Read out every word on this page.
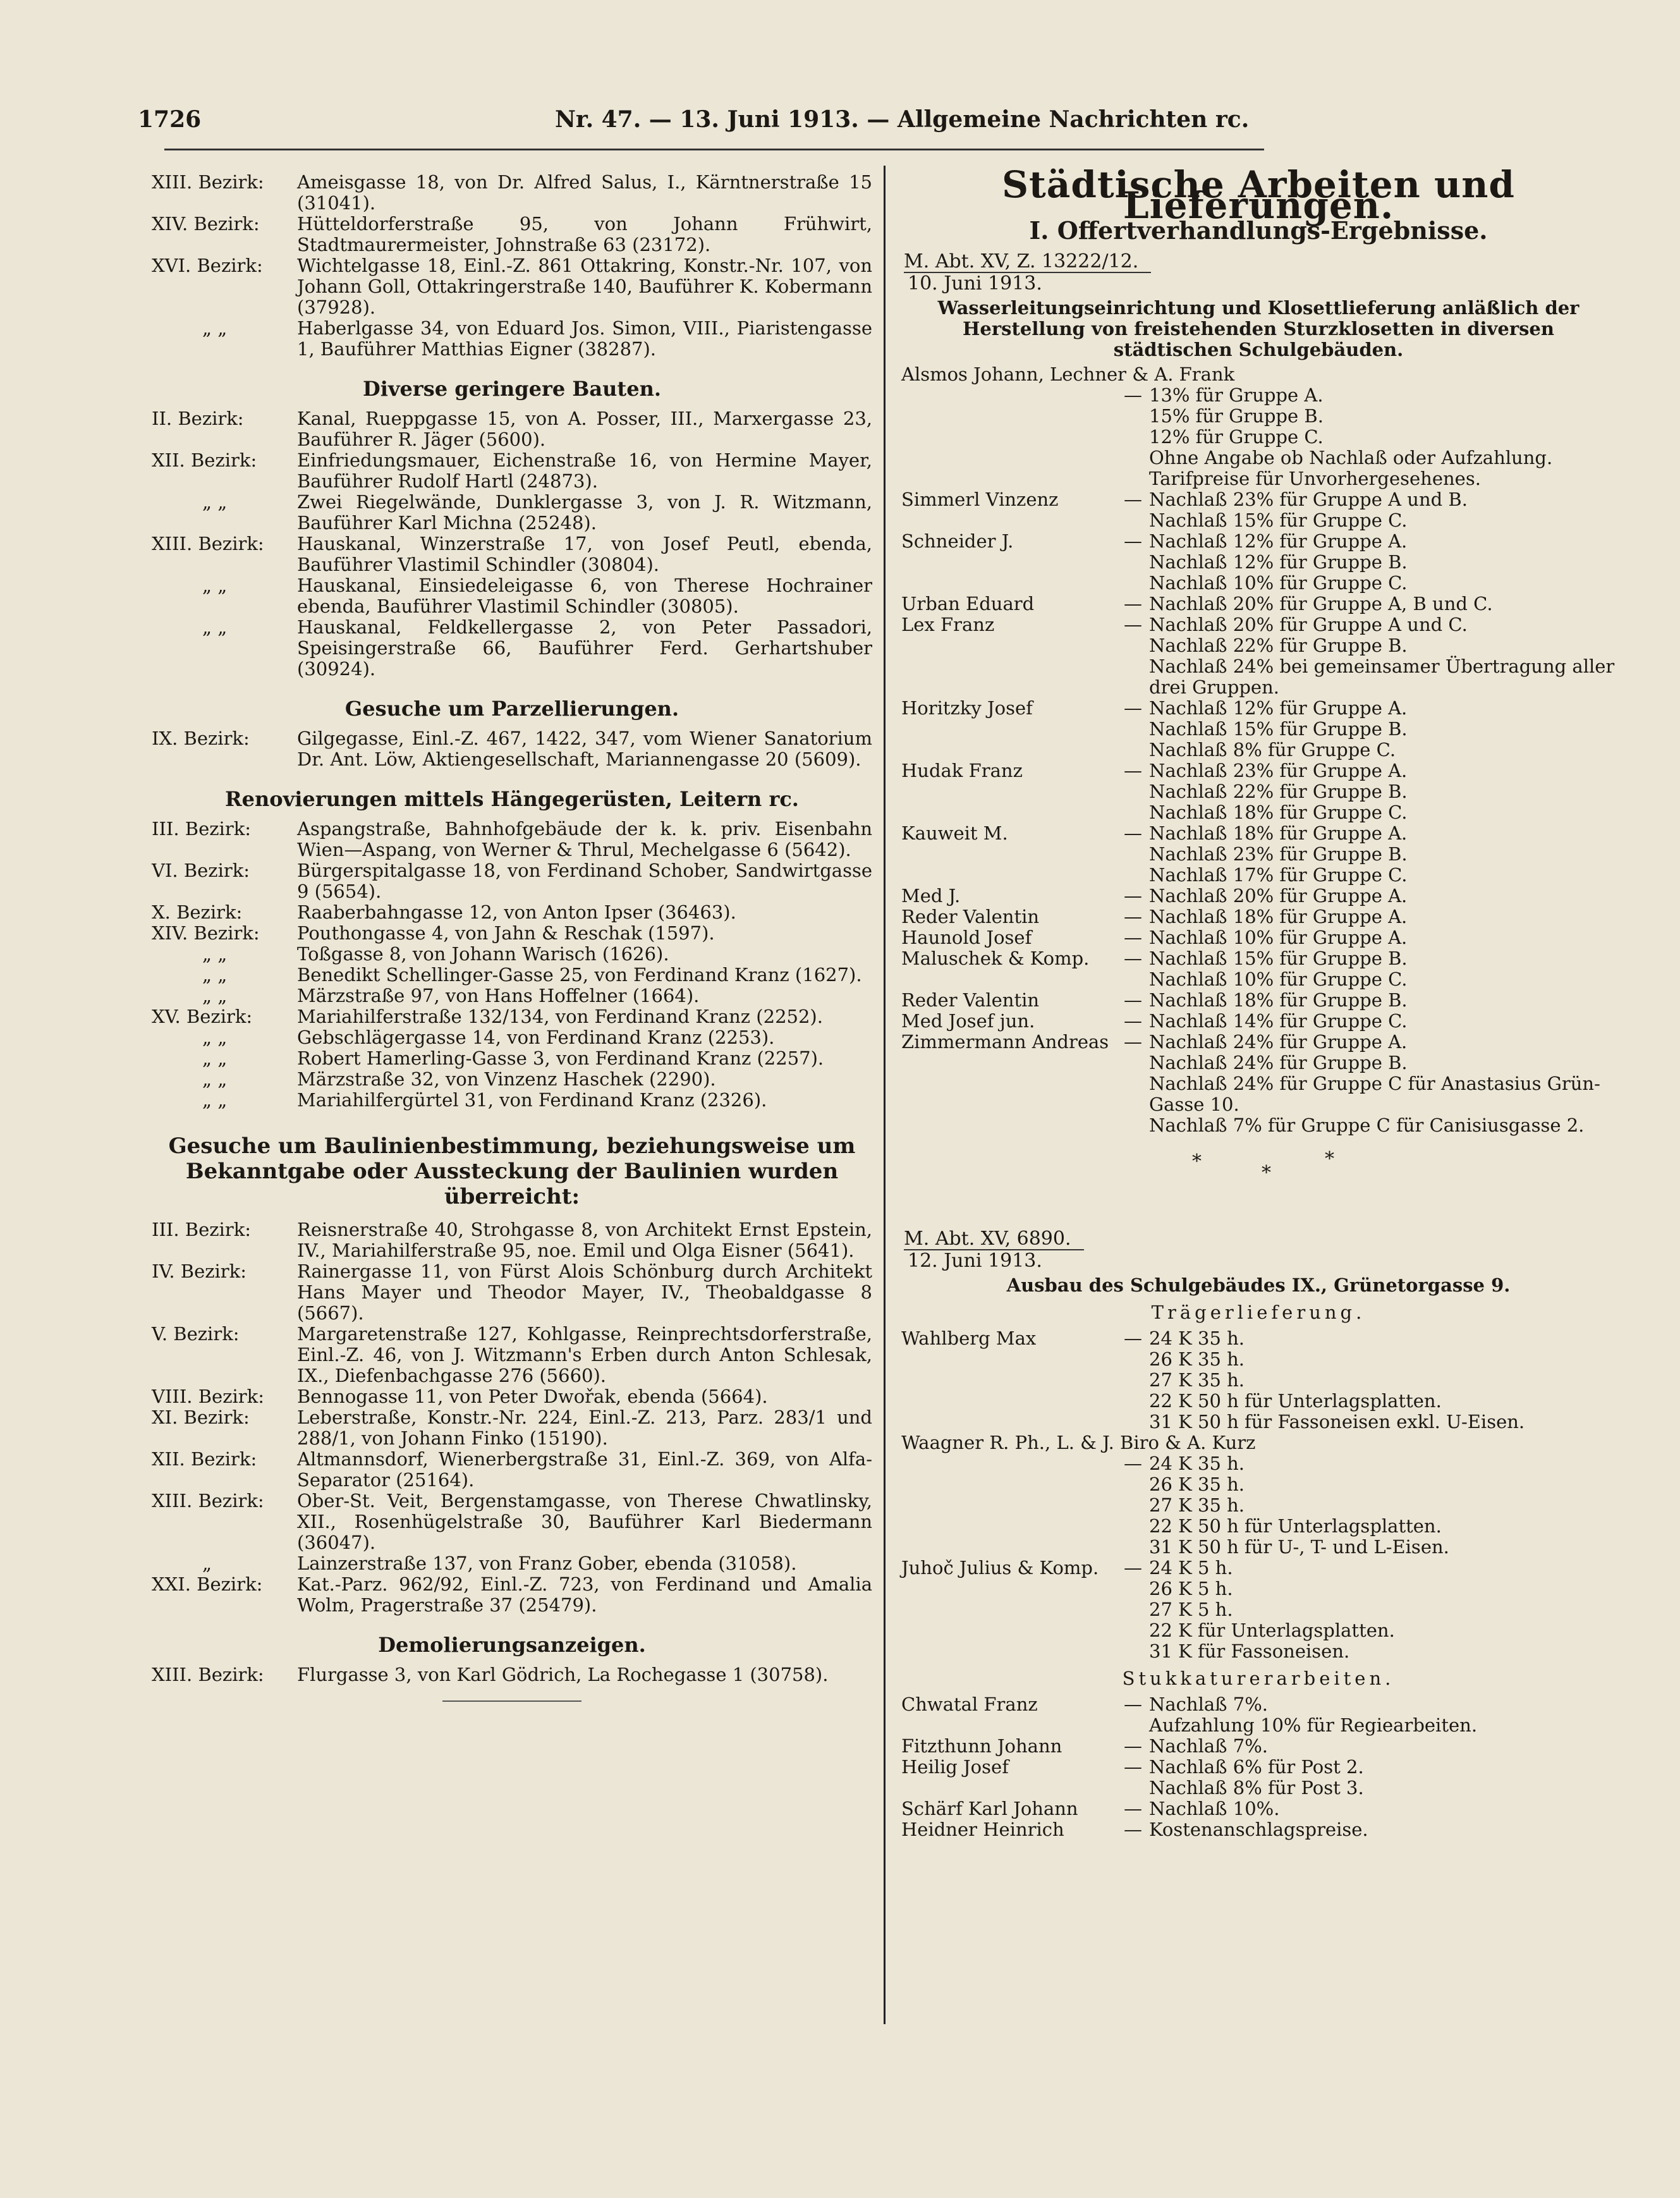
1726	Nr. 47. — 13. Juni 1913. — Allgemeine Nachrichten rc.
XIII. Bezirk:	Ameisgasse 18, von Dr. Alfred Salus, I., Kärntnerstraße 15 (31041).
XIV. Bezirk:	Hütteldorferstraße 95, von Johann Frühwirt, Stadtmaurermeister, Johnstraße 63 (23172).
XVI. Bezirk:	Wichtelgasse 18, Einl.-Z. 861 Ottakring, Konstr.-Nr. 107, von Johann Goll, Ottakringerstraße 140, Bauführer K. Kobermann (37928).
„ „	Haberlgasse 34, von Eduard Jos. Simon, VIII., Piaristengasse 1, Bauführer Matthias Eigner (38287).
Diverse geringere Bauten.
II. Bezirk:	Kanal, Rueppgasse 15, von A. Posser, III., Marxergasse 23, Bauführer R. Jäger (5600).
XII. Bezirk:	Einfriedungsmauer, Eichenstraße 16, von Hermine Mayer, Bauführer Rudolf Hartl (24873).
„ „	Zwei Riegelwände, Dunklergasse 3, von J. R. Witzmann, Bauführer Karl Michna (25248).
XIII. Bezirk:	Hauskanal, Winzerstraße 17, von Josef Peutl, ebenda, Bauführer Vlastimil Schindler (30804).
„ „	Hauskanal, Einsiedeleigasse 6, von Therese Hochrainer ebenda, Bauführer Vlastimil Schindler (30805).
„ „	Hauskanal, Feldkellergasse 2, von Peter Passadori, Speisingerstraße 66, Bauführer Ferd. Gerhartshuber (30924).
Gesuche um Parzellierungen.
IX. Bezirk:	Gilgegasse, Einl.-Z. 467, 1422, 347, vom Wiener Sanatorium Dr. Ant. Löw, Aktiengesellschaft, Mariannengasse 20 (5609).
Renovierungen mittels Hängegerüsten, Leitern rc.
III. Bezirk:	Aspangstraße, Bahnhofgebäude der k. k. priv. Eisenbahn Wien—Aspang, von Werner & Thrul, Mechelgasse 6 (5642).
VI. Bezirk:	Bürgerspitalgasse 18, von Ferdinand Schober, Sandwirtgasse 9 (5654).
X. Bezirk:	Raaberbahngasse 12, von Anton Ipser (36463).
XIV. Bezirk:	Pouthongasse 4, von Jahn & Reschak (1597).
„ „	Toßgasse 8, von Johann Warisch (1626).
„ „	Benedikt Schellinger-Gasse 25, von Ferdinand Kranz (1627).
„ „	Märzstraße 97, von Hans Hoffelner (1664).
XV. Bezirk:	Mariahilferstraße 132/134, von Ferdinand Kranz (2252).
„ „	Gebschlägergasse 14, von Ferdinand Kranz (2253).
„ „	Robert Hamerling-Gasse 3, von Ferdinand Kranz (2257).
„ „	Märzstraße 32, von Vinzenz Haschek (2290).
„ „	Mariahilfergürtel 31, von Ferdinand Kranz (2326).
Gesuche um Baulinienbestimmung, beziehungsweise um Bekanntgabe oder Aussteckung der Baulinien wurden überreicht:
III. Bezirk:	Reisnerstraße 40, Strohgasse 8, von Architekt Ernst Epstein, IV., Mariahilferstraße 95, noe. Emil und Olga Eisner (5641).
IV. Bezirk:	Rainergasse 11, von Fürst Alois Schönburg durch Architekt Hans Mayer und Theodor Mayer, IV., Theobaldgasse 8 (5667).
V. Bezirk:	Margaretenstraße 127, Kohlgasse, Reinprechtsdorferstraße, Einl.-Z. 46, von J. Witzmann's Erben durch Anton Schlesak, IX., Diefenbachgasse 276 (5660).
VIII. Bezirk:	Bennogasse 11, von Peter Dwořak, ebenda (5664).
XI. Bezirk:	Leberstraße, Konstr.-Nr. 224, Einl.-Z. 213, Parz. 283/1 und 288/1, von Johann Finko (15190).
XII. Bezirk:	Altmannsdorf, Wienerbergstraße 31, Einl.-Z. 369, von Alfa-Separator (25164).
XIII. Bezirk:	Ober-St. Veit, Bergenstamgasse, von Therese Chwatlinsky, XII., Rosenhügelstraße 30, Bauführer Karl Biedermann (36047).
„	Lainzerstraße 137, von Franz Gober, ebenda (31058).
XXI. Bezirk:	Kat.-Parz. 962/92, Einl.-Z. 723, von Ferdinand und Amalia Wolm, Pragerstraße 37 (25479).
Demolierungsanzeigen.
XIII. Bezirk:	Flurgasse 3, von Karl Gödrich, La Rochegasse 1 (30758).
Städtische Arbeiten und Lieferungen.
I. Offertverhandlungs-Ergebnisse.
M. Abt. XV, Z. 13222/12.
10. Juni 1913.
Wasserleitungseinrichtung und Klosettlieferung anläßlich der Herstellung von freistehenden Sturzklosetten in diversen städtischen Schulgebäuden.
Alsmos Johann, Lechner & A. Frank
— 13% für Gruppe A.
15% für Gruppe B.
12% für Gruppe C.
Ohne Angabe ob Nachlaß oder Aufzahlung.
Tarifpreise für Unvorhergesehenes.
Simmerl Vinzenz	— Nachlaß 23% für Gruppe A und B.
Nachlaß 15% für Gruppe C.
Schneider J.	— Nachlaß 12% für Gruppe A.
Nachlaß 12% für Gruppe B.
Nachlaß 10% für Gruppe C.
Urban Eduard	— Nachlaß 20% für Gruppe A, B und C.
Lex Franz	— Nachlaß 20% für Gruppe A und C.
Nachlaß 22% für Gruppe B.
Nachlaß 24% bei gemeinsamer Übertragung aller
drei Gruppen.
Horitzky Josef	— Nachlaß 12% für Gruppe A.
Nachlaß 15% für Gruppe B.
Nachlaß 8% für Gruppe C.
Hudak Franz	— Nachlaß 23% für Gruppe A.
Nachlaß 22% für Gruppe B.
Nachlaß 18% für Gruppe C.
Kauweit M.	— Nachlaß 18% für Gruppe A.
Nachlaß 23% für Gruppe B.
Nachlaß 17% für Gruppe C.
Med J.	— Nachlaß 20% für Gruppe A.
Reder Valentin	— Nachlaß 18% für Gruppe A.
Haunold Josef	— Nachlaß 10% für Gruppe A.
Maluschek & Komp.	— Nachlaß 15% für Gruppe B.
Nachlaß 10% für Gruppe C.
Reder Valentin	— Nachlaß 18% für Gruppe B.
Med Josef jun.	— Nachlaß 14% für Gruppe C.
Zimmermann Andreas — Nachlaß 24% für Gruppe A.
Nachlaß 24% für Gruppe B.
Nachlaß 24% für Gruppe C für Anastasius Grün-
Gasse 10.
Nachlaß 7% für Gruppe C für Canisiusgasse 2.
*
*
*
M. Abt. XV, 6890.
12. Juni 1913.
Ausbau des Schulgebäudes IX., Grünetorgasse 9.
Trägerlieferung.
Wahlberg Max	— 24 K 35 h.
26 K 35 h.
27 K 35 h.
22 K 50 h für Unterlagsplatten.
31 K 50 h für Fassoneisen exkl. U-Eisen.
Waagner R. Ph., L. & J. Biro & A. Kurz
— 24 K 35 h.
26 K 35 h.
27 K 35 h.
22 K 50 h für Unterlagsplatten.
31 K 50 h für U-, T- und L-Eisen.
Juhoč Julius & Komp.	— 24 K 5 h.
26 K 5 h.
27 K 5 h.
22 K für Unterlagsplatten.
31 K für Fassoneisen.
Stukkaturerarbeiten.
Chwatal Franz	— Nachlaß 7%.
Aufzahlung 10% für Regiearbeiten.
Fitzthunn Johann	— Nachlaß 7%.
Heilig Josef	— Nachlaß 6% für Post 2.
Nachlaß 8% für Post 3.
Schärf Karl Johann	— Nachlaß 10%.
Heidner Heinrich	— Kostenanschlagspreise.
